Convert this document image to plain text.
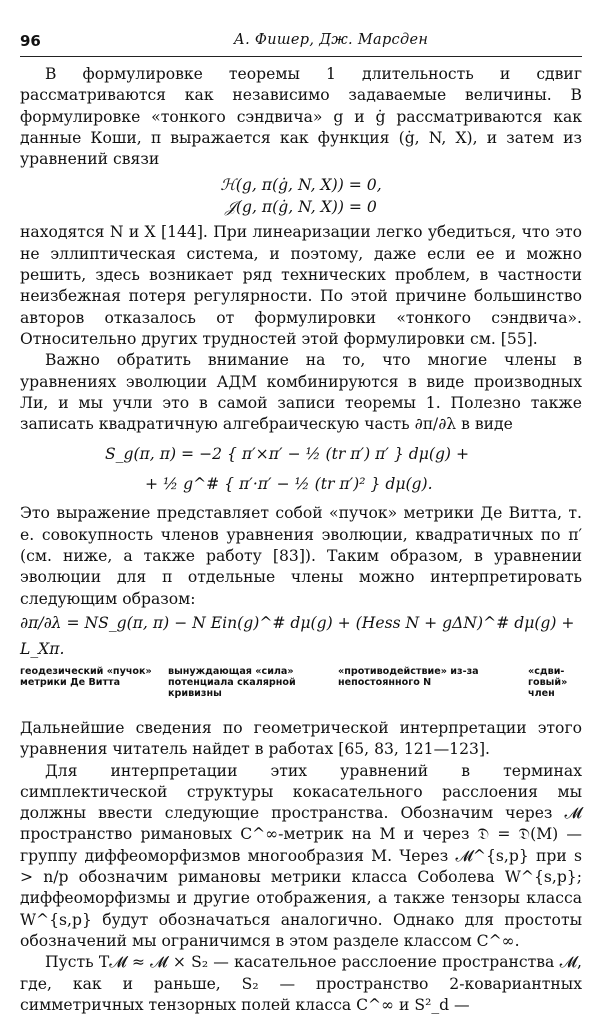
96	А. Фишер, Дж. Марсден

В формулировке теоремы 1 длительность и сдвиг рассматриваются как независимо задаваемые величины. В формулировке «тонкого сэндвича» g и ġ рассматриваются как данные Коши, π выражается как функция (ġ, N, X), и затем из уравнений связи

ℋ(g, π(ġ, N, X)) = 0,

𝒥(g, π(ġ, N, X)) = 0

находятся N и X [144]. При линеаризации легко убедиться, что это не эллиптическая система, и поэтому, даже если ее и можно решить, здесь возникает ряд технических проблем, в частности неизбежная потеря регулярности. По этой причине большинство авторов отказалось от формулировки «тонкого сэндвича». Относительно других трудностей этой формулировки см. [55].

Важно обратить внимание на то, что многие члены в уравнениях эволюции АДМ комбинируются в виде производных Ли, и мы учли это в самой записи теоремы 1. Полезно также записать квадратичную алгебраическую часть ∂π/∂λ в виде

S_g(π, π) = −2 { π′×π′ − ½ (tr π′) π′ } dμ(g) +

+ ½ g^# { π′·π′ − ½ (tr π′)² } dμ(g).

Это выражение представляет собой «пучок» метрики Де Витта, т. е. совокупность членов уравнения эволюции, квадратичных по π′ (см. ниже, а также работу [83]). Таким образом, в уравнении эволюции для π отдельные члены можно интерпретировать следующим образом:

∂π/∂λ = NS_g(π, π) − N Ein(g)^# dμ(g) + (Hess N + gΔN)^# dμ(g) + L_Xπ.

геодезический «пучок»
метрики Де Витта
вынуждающая «сила»
потенциала скалярной
кривизны
«противодействие» из-за
непостоянного N
«сдви-
говый»
член

Дальнейшие сведения по геометрической интерпретации этого уравнения читатель найдет в работах [65, 83, 121—123].

Для интерпретации этих уравнений в терминах симплектической структуры кокасательного расслоения мы должны ввести следующие пространства. Обозначим через 𝓜 пространство римановых C^∞-метрик на M и через 𝔇 = 𝔇(M) — группу диффеоморфизмов многообразия M. Через 𝓜^{s,p} при s > n/p обозначим римановы метрики класса Соболева W^{s,p}; диффеоморфизмы и другие отображения, а также тензоры класса W^{s,p} будут обозначаться аналогично. Однако для простоты обозначений мы ограничимся в этом разделе классом C^∞.

Пусть T𝓜 ≈ 𝓜 × S₂ — касательное расслоение пространства 𝓜, где, как и раньше, S₂ — пространство 2-ковариантных симметричных тензорных полей класса C^∞ и S²_d —
